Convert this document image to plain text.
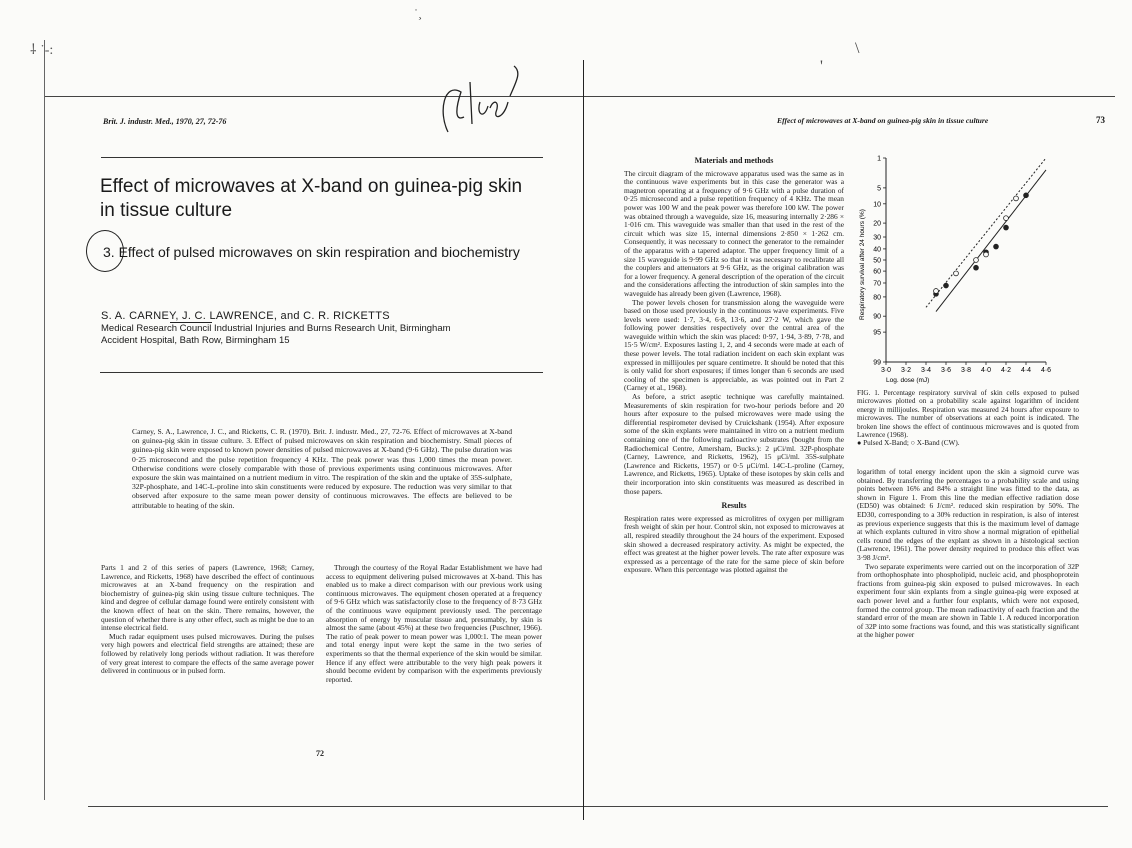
⸸ ˙-:
˙¸
\
'
Brit. J. industr. Med., 1970, 27, 72-76
Effect of microwaves at X-band on guinea-pig skin in tissue culture
3. Effect of pulsed microwaves on skin respiration and biochemistry
S. A. CARNEY, J. C. LAWRENCE, and C. R. RICKETTS
Medical Research Council Industrial Injuries and Burns Research Unit, Birmingham
Accident Hospital, Bath Row, Birmingham 15
Carney, S. A., Lawrence, J. C., and Ricketts, C. R. (1970). Brit. J. industr. Med., 27, 72-76. Effect of microwaves at X-band on guinea-pig skin in tissue culture. 3. Effect of pulsed microwaves on skin respiration and biochemistry. Small pieces of guinea-pig skin were exposed to known power densities of pulsed microwaves at X-band (9·6 GHz). The pulse duration was 0·25 microsecond and the pulse repetition frequency 4 KHz. The peak power was thus 1,000 times the mean power. Otherwise conditions were closely comparable with those of previous experiments using continuous microwaves. After exposure the skin was maintained on a nutrient medium in vitro. The respiration of the skin and the uptake of 35S-sulphate, 32P-phosphate, and 14C-L-proline into skin constituents were reduced by exposure. The reduction was very similar to that observed after exposure to the same mean power density of continuous microwaves. The effects are believed to be attributable to heating of the skin.

Parts 1 and 2 of this series of papers (Lawrence, 1968; Carney, Lawrence, and Ricketts, 1968) have described the effect of continuous microwaves at an X-band frequency on the respiration and biochemistry of guinea-pig skin using tissue culture techniques. The kind and degree of cellular damage found were entirely consistent with the known effect of heat on the skin. There remains, however, the question of whether there is any other effect, such as might be due to an intense electrical field.

Much radar equipment uses pulsed microwaves. During the pulses very high powers and electrical field strengths are attained; these are followed by relatively long periods without radiation. It was therefore of very great interest to compare the effects of the same average power delivered in continuous or in pulsed form.

Through the courtesy of the Royal Radar Establishment we have had access to equipment delivering pulsed microwaves at X-band. This has enabled us to make a direct comparison with our previous work using continuous microwaves. The equipment chosen operated at a frequency of 9·6 GHz which was satisfactorily close to the frequency of 8·73 GHz of the continuous wave equipment previously used. The percentage absorption of energy by muscular tissue and, presumably, by skin is almost the same (about 45%) at these two frequencies (Puschner, 1966). The ratio of peak power to mean power was 1,000:1. The mean power and total energy input were kept the same in the two series of experiments so that the thermal experience of the skin would be similar. Hence if any effect were attributable to the very high peak powers it should become evident by comparison with the experiments previously reported.

72
Effect of microwaves at X-band on guinea-pig skin in tissue culture	73
Materials and methods

The circuit diagram of the microwave apparatus used was the same as in the continuous wave experiments but in this case the generator was a magnetron operating at a frequency of 9·6 GHz with a pulse duration of 0·25 microsecond and a pulse repetition frequency of 4 KHz. The mean power was 100 W and the peak power was therefore 100 kW. The power was obtained through a waveguide, size 16, measuring internally 2·286 × 1·016 cm. This waveguide was smaller than that used in the rest of the circuit which was size 15, internal dimensions 2·850 × 1·262 cm. Consequently, it was necessary to connect the generator to the remainder of the apparatus with a tapered adaptor. The upper frequency limit of a size 15 waveguide is 9·99 GHz so that it was necessary to recalibrate all the couplers and attenuators at 9·6 GHz, as the original calibration was for a lower frequency. A general description of the operation of the circuit and the considerations affecting the introduction of skin samples into the waveguide has already been given (Lawrence, 1968).

The power levels chosen for transmission along the waveguide were based on those used previously in the continuous wave experiments. Five levels were used: 1·7, 3·4, 6·8, 13·6, and 27·2 W, which gave the following power densities respectively over the central area of the waveguide within which the skin was placed: 0·97, 1·94, 3·89, 7·78, and 15·5 W/cm². Exposures lasting 1, 2, and 4 seconds were made at each of these power levels. The total radiation incident on each skin explant was expressed in millijoules per square centimetre. It should be noted that this is only valid for short exposures; if times longer than 6 seconds are used cooling of the specimen is appreciable, as was pointed out in Part 2 (Carney et al., 1968).

As before, a strict aseptic technique was carefully maintained. Measurements of skin respiration for two-hour periods before and 20 hours after exposure to the pulsed microwaves were made using the differential respirometer devised by Cruickshank (1954). After exposure some of the skin explants were maintained in vitro on a nutrient medium containing one of the following radioactive substrates (bought from the Radiochemical Centre, Amersham, Bucks.): 2 μCi/ml. 32P-phosphate (Carney, Lawrence, and Ricketts, 1962), 15 μCi/ml. 35S-sulphate (Lawrence and Ricketts, 1957) or 0·5 μCi/ml. 14C-L-proline (Carney, Lawrence, and Ricketts, 1965). Uptake of these isotopes by skin cells and their incorporation into skin constituents was measured as described in those papers.

Results

Respiration rates were expressed as microlitres of oxygen per milligram fresh weight of skin per hour. Control skin, not exposed to microwaves at all, respired steadily throughout the 24 hours of the experiment. Exposed skin showed a decreased respiratory activity. As might be expected, the effect was greatest at the higher power levels. The rate after exposure was expressed as a percentage of the rate for the same piece of skin before exposure. When this percentage was plotted against the

1
5
10
20
30
40
50
60
70
80
90
95
99
3·0 3·2 3·4 3·6 3·8 4·0 4·2 4·4 4·6
Respiratory survival after 24 hours (%)
Log. dose (mJ)
FIG. 1. Percentage respiratory survival of skin cells exposed to pulsed microwaves plotted on a probability scale against logarithm of incident energy in millijoules. Respiration was measured 24 hours after exposure to microwaves. The number of observations at each point is indicated. The broken line shows the effect of continuous microwaves and is quoted from Lawrence (1968).
● Pulsed X-Band; ○ X-Band (CW).

logarithm of total energy incident upon the skin a sigmoid curve was obtained. By transferring the percentages to a probability scale and using points between 16% and 84% a straight line was fitted to the data, as shown in Figure 1. From this line the median effective radiation dose (ED50) was obtained: 6 J/cm². reduced skin respiration by 50%. The ED30, corresponding to a 30% reduction in respiration, is also of interest as previous experience suggests that this is the maximum level of damage at which explants cultured in vitro show a normal migration of epithelial cells round the edges of the explant as shown in a histological section (Lawrence, 1961). The power density required to produce this effect was 3·98 J/cm².

Two separate experiments were carried out on the incorporation of 32P from orthophosphate into phospholipid, nucleic acid, and phosphoprotein fractions from guinea-pig skin exposed to pulsed microwaves. In each experiment four skin explants from a single guinea-pig were exposed at each power level and a further four explants, which were not exposed, formed the control group. The mean radioactivity of each fraction and the standard error of the mean are shown in Table 1. A reduced incorporation of 32P into some fractions was found, and this was statistically significant at the higher power
